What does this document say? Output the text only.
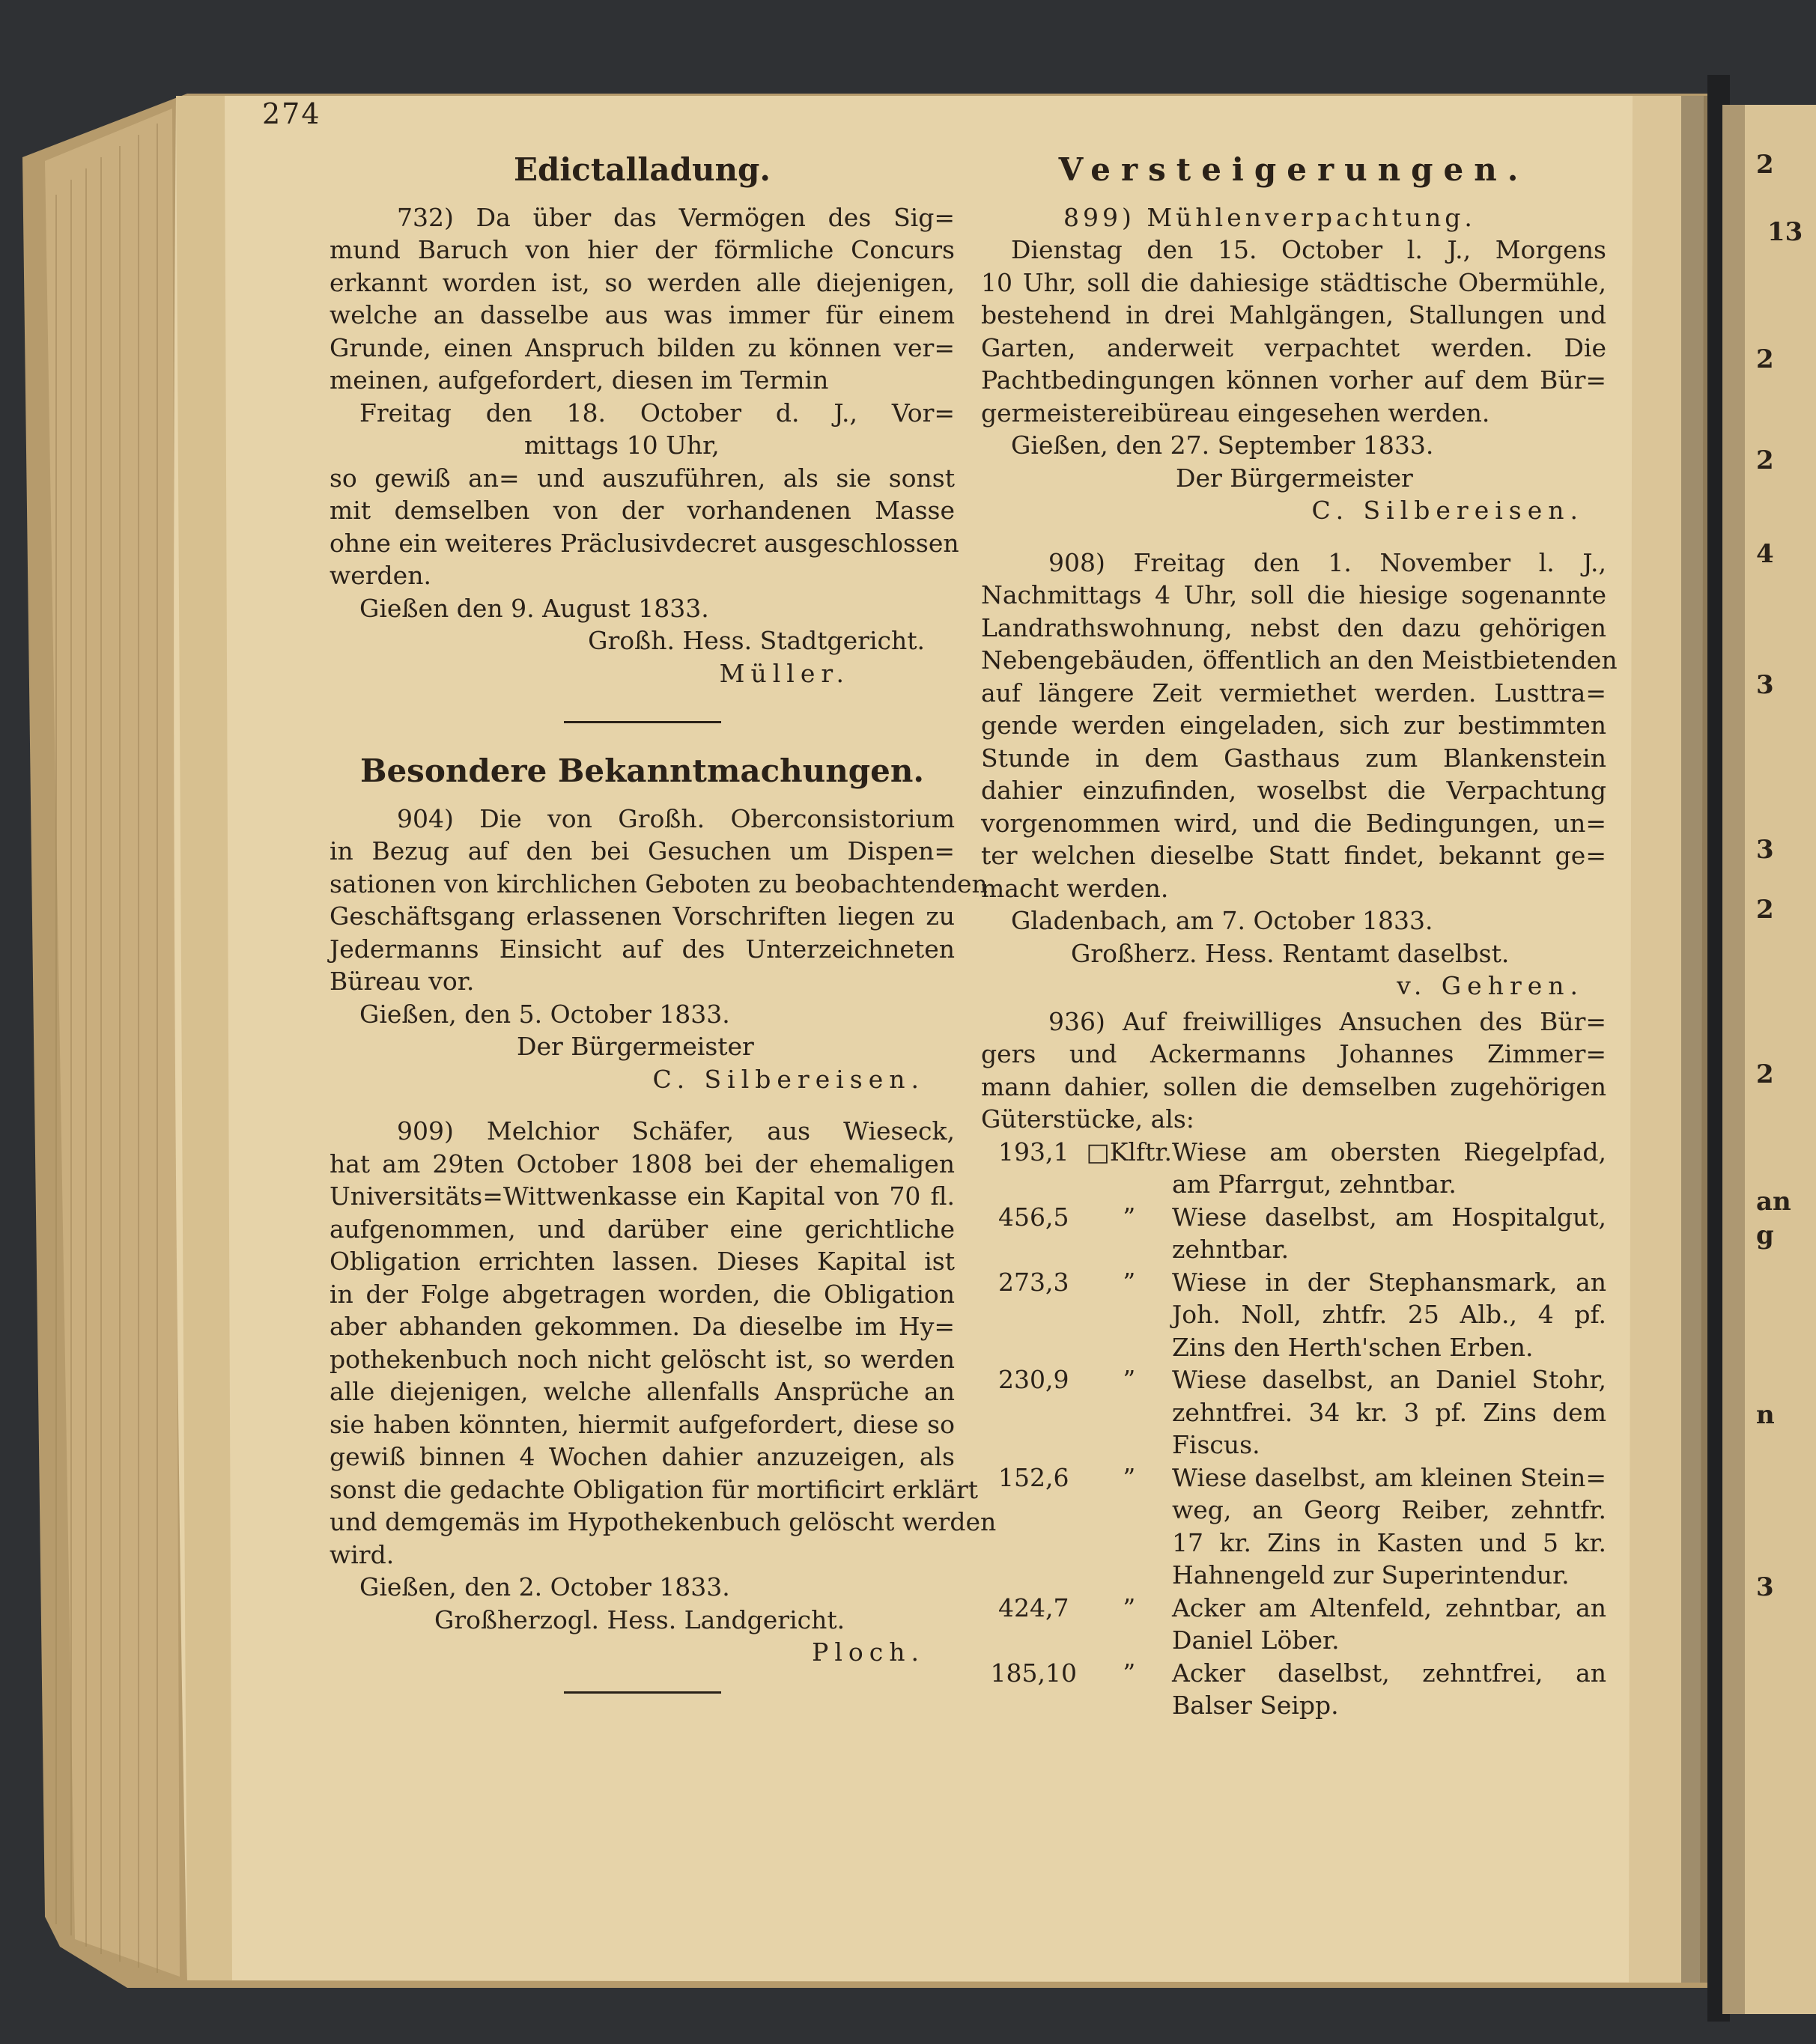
274
Edictalladung.
732) Da über das Vermögen des Sig=
mund Baruch von hier der förmliche Concurs
erkannt worden ist, so werden alle diejenigen,
welche an dasselbe aus was immer für einem
Grunde, einen Anspruch bilden zu können ver=
meinen, aufgefordert, diesen im Termin
Freitag den 18. October d. J., Vor=
mittags 10 Uhr,
so gewiß an= und auszuführen, als sie sonst
mit demselben von der vorhandenen Masse
ohne ein weiteres Präclusivdecret ausgeschlossen
werden.
Gießen den 9. August 1833.
Großh. Hess. Stadtgericht.
Müller.
Besondere Bekanntmachungen.
904) Die von Großh. Oberconsistorium
in Bezug auf den bei Gesuchen um Dispen=
sationen von kirchlichen Geboten zu beobachtenden
Geschäftsgang erlassenen Vorschriften liegen zu
Jedermanns Einsicht auf des Unterzeichneten
Büreau vor.
Gießen, den 5. October 1833.
Der Bürgermeister
C. Silbereisen.
909) Melchior Schäfer, aus Wieseck,
hat am 29ten October 1808 bei der ehemaligen
Universitäts=Wittwenkasse ein Kapital von 70 fl.
aufgenommen, und darüber eine gerichtliche
Obligation errichten lassen. Dieses Kapital ist
in der Folge abgetragen worden, die Obligation
aber abhanden gekommen. Da dieselbe im Hy=
pothekenbuch noch nicht gelöscht ist, so werden
alle diejenigen, welche allenfalls Ansprüche an
sie haben könnten, hiermit aufgefordert, diese so
gewiß binnen 4 Wochen dahier anzuzeigen, als
sonst die gedachte Obligation für mortificirt erklärt
und demgemäs im Hypothekenbuch gelöscht werden
wird.
Gießen, den 2. October 1833.
Großherzogl. Hess. Landgericht.
Ploch.
Versteigerungen.
899) Mühlenverpachtung.
Dienstag den 15. October l. J., Morgens
10 Uhr, soll die dahiesige städtische Obermühle,
bestehend in drei Mahlgängen, Stallungen und
Garten, anderweit verpachtet werden. Die
Pachtbedingungen können vorher auf dem Bür=
germeistereibüreau eingesehen werden.
Gießen, den 27. September 1833.
Der Bürgermeister
C. Silbereisen.
908) Freitag den 1. November l. J.,
Nachmittags 4 Uhr, soll die hiesige sogenannte
Landrathswohnung, nebst den dazu gehörigen
Nebengebäuden, öffentlich an den Meistbietenden
auf längere Zeit vermiethet werden. Lusttra=
gende werden eingeladen, sich zur bestimmten
Stunde in dem Gasthaus zum Blankenstein
dahier einzufinden, woselbst die Verpachtung
vorgenommen wird, und die Bedingungen, un=
ter welchen dieselbe Statt findet, bekannt ge=
macht werden.
Gladenbach, am 7. October 1833.
Großherz. Hess. Rentamt daselbst.
v. Gehren.
936) Auf freiwilliges Ansuchen des Bür=
gers und Ackermanns Johannes Zimmer=
mann dahier, sollen die demselben zugehörigen
Güterstücke, als:
193,1	□Klftr.	Wiese am obersten Riegelpfad,
am Pfarrgut, zehntbar.

456,5	”	Wiese daselbst, am Hospitalgut,
zehntbar.

273,3	”	Wiese in der Stephansmark, an
Joh. Noll, zhtfr. 25 Alb., 4 pf.
Zins den Herth'schen Erben.

230,9	”	Wiese daselbst, an Daniel Stohr,
zehntfrei. 34 kr. 3 pf. Zins dem
Fiscus.

152,6	”	Wiese daselbst, am kleinen Stein=
weg, an Georg Reiber, zehntfr.
17 kr. Zins in Kasten und 5 kr.
Hahnengeld zur Superintendur.

424,7	”	Acker am Altenfeld, zehntbar, an
Daniel Löber.

185,10	”	Acker daselbst, zehntfrei, an
Balser Seipp.
2
13
2
2
4
3
3
2
2
an
g
n
3
